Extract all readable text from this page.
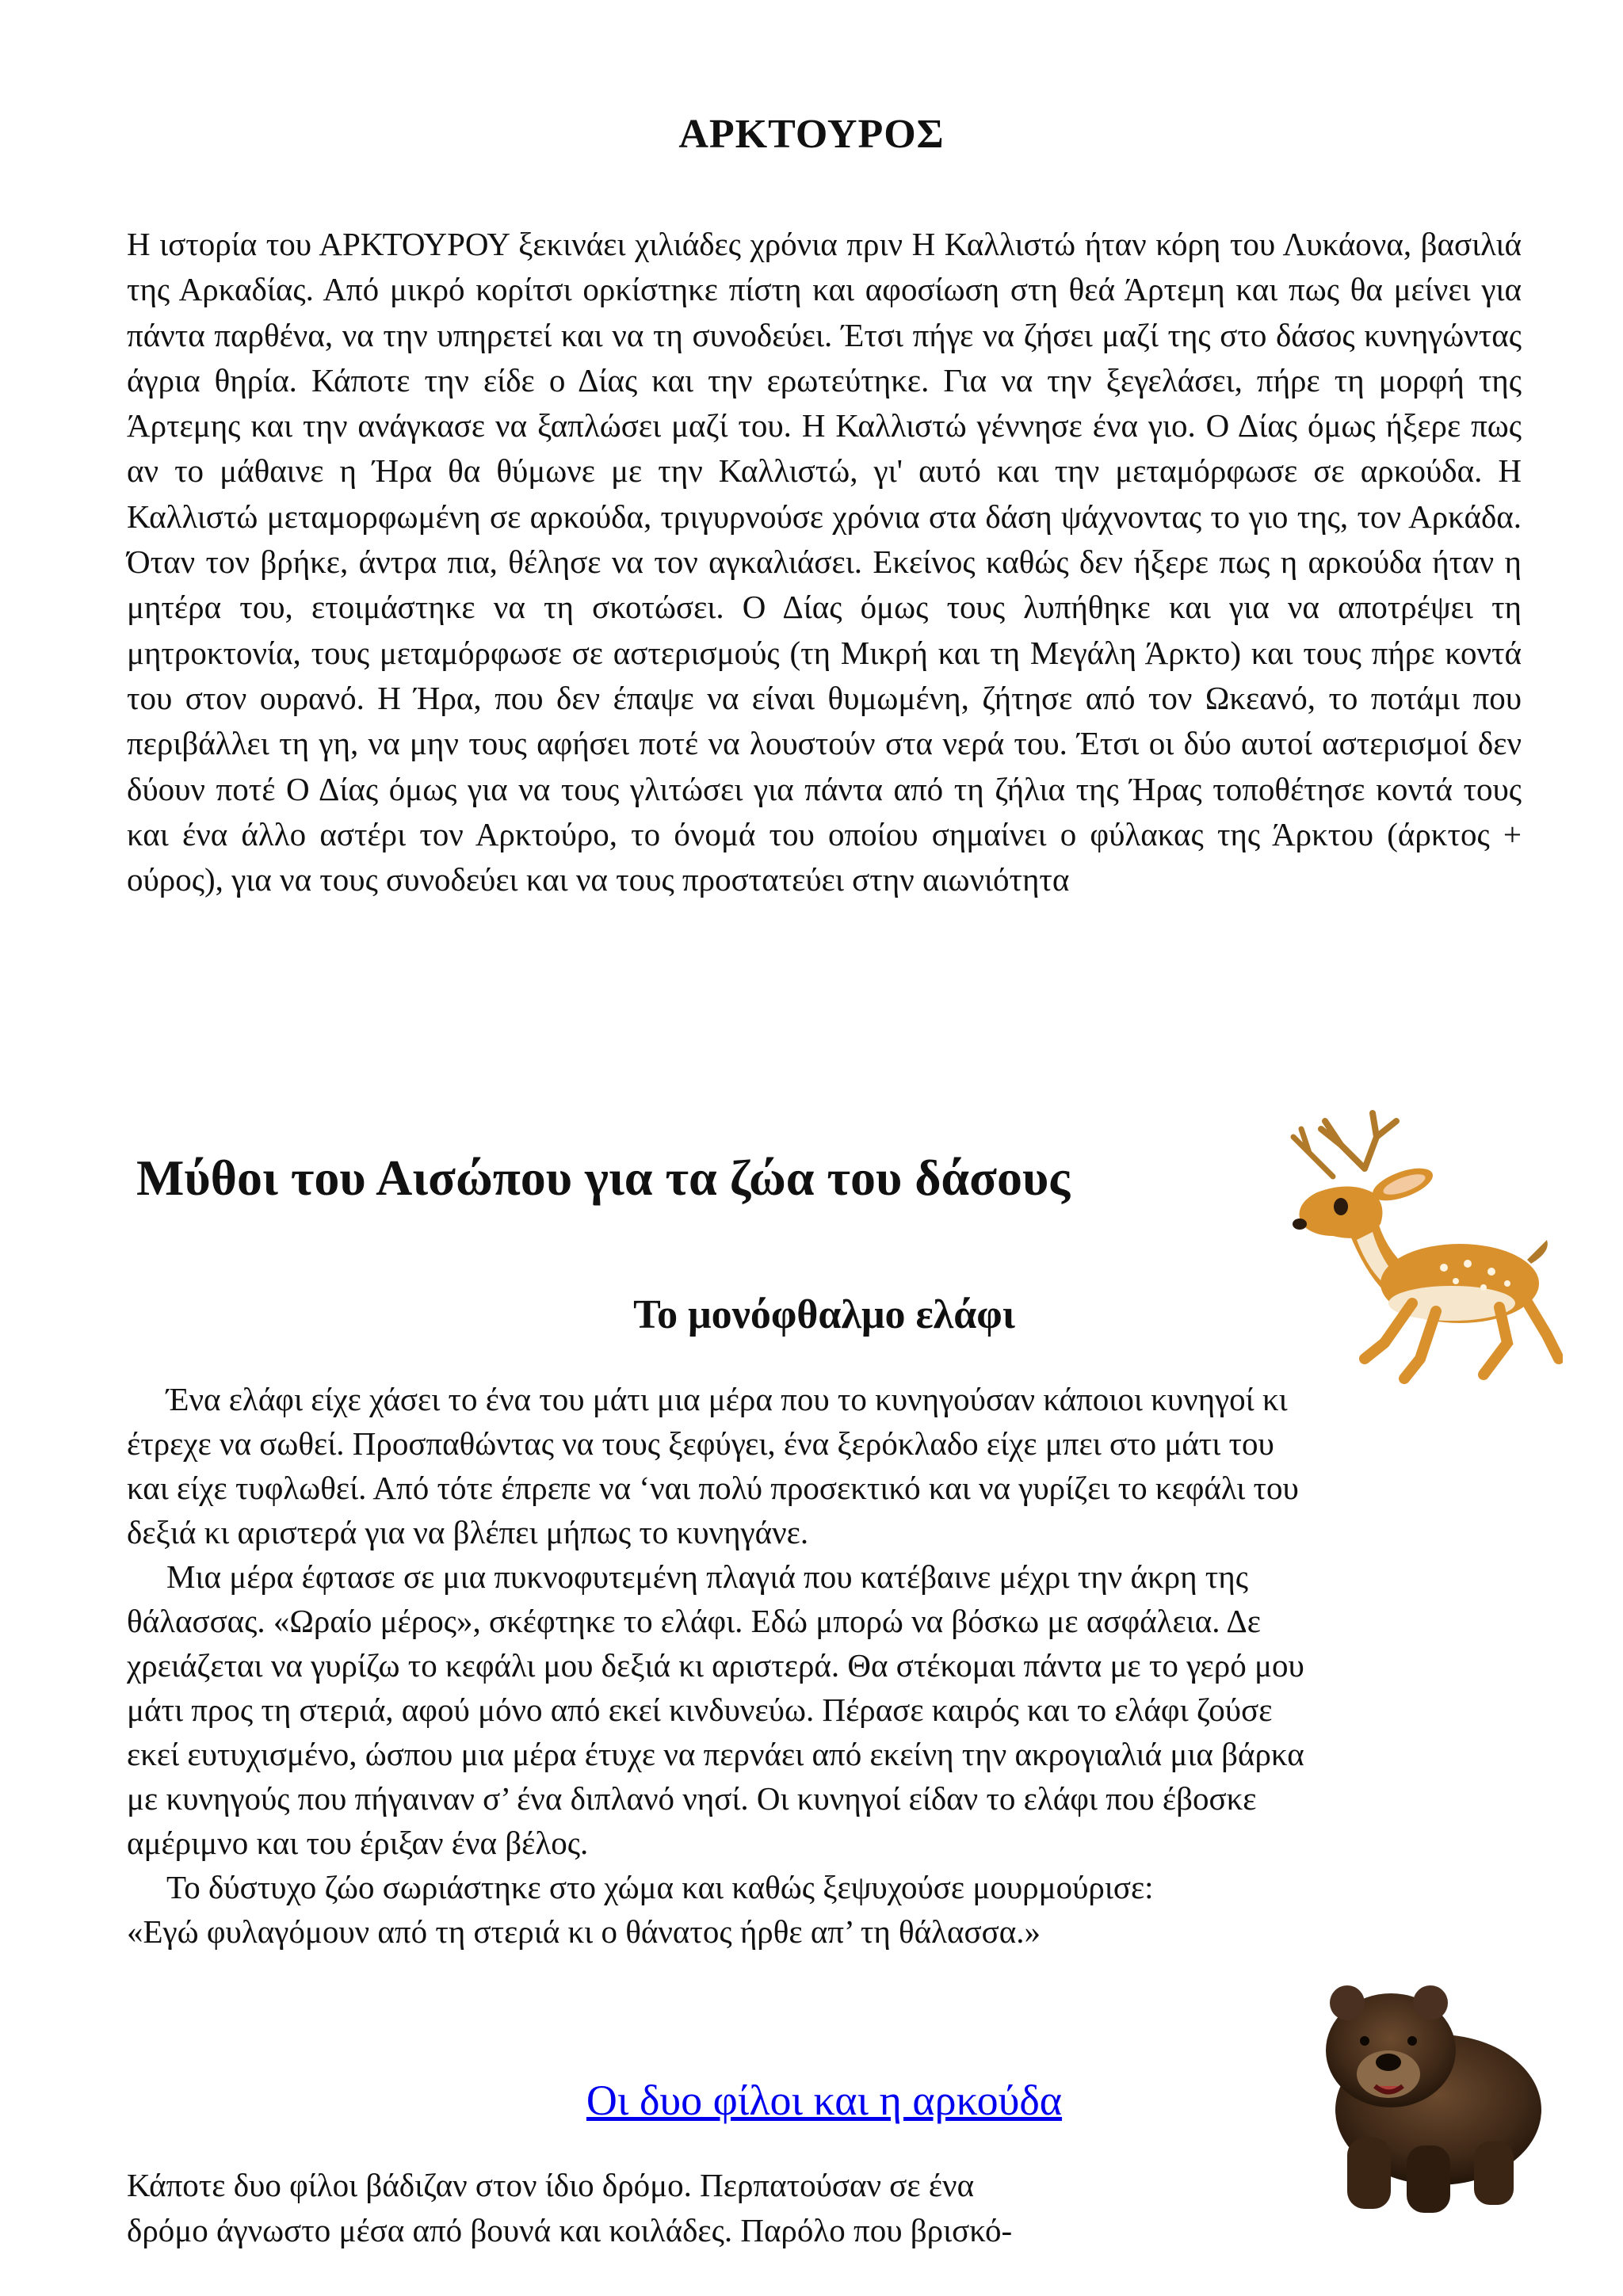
ΑΡΚΤΟΥΡΟΣ

Η ιστορία του ΑΡΚΤΟΥΡΟΥ ξεκινάει χιλιάδες χρόνια πριν Η Καλλιστώ ήταν κόρη του Λυκάονα, βασιλιά της Αρκαδίας. Από μικρό κορίτσι ορκίστηκε πίστη και αφοσίωση στη θεά Άρτεμη και πως θα μείνει για πάντα παρθένα, να την υπηρετεί και να τη συνοδεύει. Έτσι πήγε να ζήσει μαζί της στο δάσος κυνηγώντας άγρια θηρία. Κάποτε την είδε ο Δίας και την ερωτεύτηκε. Για να την ξεγελάσει, πήρε τη μορφή της Άρτεμης και την ανάγκασε να ξαπλώσει μαζί του. Η Καλλιστώ γέννησε ένα γιο. Ο Δίας όμως ήξερε πως αν το μάθαινε η Ήρα θα θύμωνε με την Καλλιστώ, γι' αυτό και την μεταμόρφωσε σε αρκούδα. Η Καλλιστώ μεταμορφωμένη σε αρκούδα, τριγυρνούσε χρόνια στα δάση ψάχνοντας το γιο της, τον Αρκάδα. Όταν τον βρήκε, άντρα πια, θέλησε να τον αγκαλιάσει. Εκείνος καθώς δεν ήξερε πως η αρκούδα ήταν η μητέρα του, ετοιμάστηκε να τη σκοτώσει. Ο Δίας όμως τους λυπήθηκε και για να αποτρέψει τη μητροκτονία, τους μεταμόρφωσε σε αστερισμούς (τη Μικρή και τη Μεγάλη Άρκτο) και τους πήρε κοντά του στον ουρανό. Η Ήρα, που δεν έπαψε να είναι θυμωμένη, ζήτησε από τον Ωκεανό, το ποτάμι που περιβάλλει τη γη, να μην τους αφήσει ποτέ να λουστούν στα νερά του. Έτσι οι δύο αυτοί αστερισμοί δεν δύουν ποτέ Ο Δίας όμως για να τους γλιτώσει για πάντα από τη ζήλια της Ήρας τοποθέτησε κοντά τους και ένα άλλο αστέρι τον Αρκτούρο, το όνομά του οποίου σημαίνει ο φύλακας της Άρκτου (άρκτος + ούρος), για να τους συνοδεύει και να τους προστατεύει στην αιωνιότητα

Μύθοι του Αισώπου για τα ζώα του δάσους
Το μονόφθαλμο ελάφι

Ένα ελάφι είχε χάσει το ένα του μάτι μια μέρα που το κυνηγούσαν κάποιοι κυνηγοί κι

έτρεχε να σωθεί. Προσπαθώντας να τους ξεφύγει, ένα ξερόκλαδο είχε μπει στο μάτι του

και είχε τυφλωθεί. Από τότε έπρεπε να ‘ναι πολύ προσεκτικό και να γυρίζει το κεφάλι του

δεξιά κι αριστερά για να βλέπει μήπως το κυνηγάνε.

Μια μέρα έφτασε σε μια πυκνοφυτεμένη πλαγιά που κατέβαινε μέχρι την άκρη της

θάλασσας. «Ωραίο μέρος», σκέφτηκε το ελάφι. Εδώ μπορώ να βόσκω με ασφάλεια. Δε

χρειάζεται να γυρίζω το κεφάλι μου δεξιά κι αριστερά. Θα στέκομαι πάντα με το γερό μου

μάτι προς τη στεριά, αφού μόνο από εκεί κινδυνεύω. Πέρασε καιρός και το ελάφι ζούσε

εκεί ευτυχισμένο, ώσπου μια μέρα έτυχε να περνάει από εκείνη την ακρογιαλιά μια βάρκα

με κυνηγούς που πήγαιναν σ’ ένα διπλανό νησί. Οι κυνηγοί είδαν το ελάφι που έβοσκε

αμέριμνο και του έριξαν ένα βέλος.

Το δύστυχο ζώο σωριάστηκε στο χώμα και καθώς ξεψυχούσε μουρμούρισε:

«Εγώ φυλαγόμουν από τη στεριά κι ο θάνατος ήρθε απ’ τη θάλασσα.»

Οι δυο φίλοι και η αρκούδα
Κάποτε δυο φίλοι βάδιζαν στον ίδιο δρόμο. Περπατούσαν σε ένα
δρόμο άγνωστο μέσα από βουνά και κοιλάδες. Παρόλο που βρισκό-
